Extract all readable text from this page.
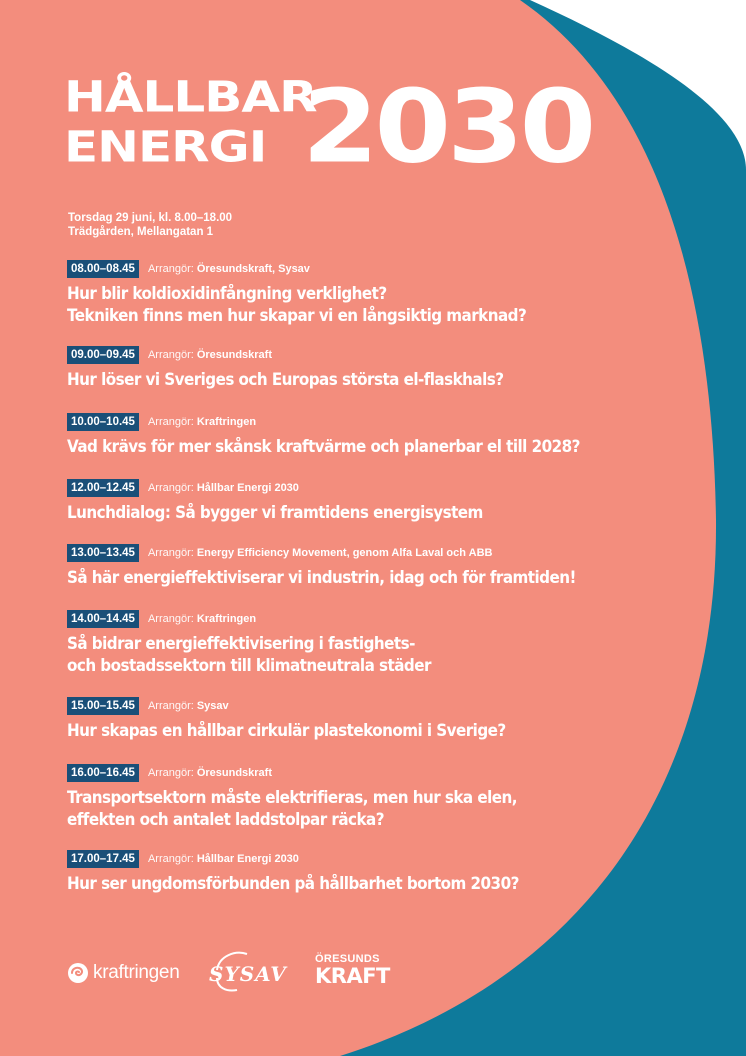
HÅLLBAR
ENERGI 2030
Torsdag 29 juni, kl. 8.00–18.00
Trädgården, Mellangatan 1
08.00–08.45	Arrangör: Öresundskraft, Sysav
Hur blir koldioxidinfångning verklighet?
Tekniken finns men hur skapar vi en långsiktig marknad?
09.00–09.45	Arrangör: Öresundskraft
Hur löser vi Sveriges och Europas största el-flaskhals?
10.00–10.45	Arrangör: Kraftringen
Vad krävs för mer skånsk kraftvärme och planerbar el till 2028?
12.00–12.45	Arrangör: Hållbar Energi 2030
Lunchdialog: Så bygger vi framtidens energisystem
13.00–13.45	Arrangör: Energy Efficiency Movement, genom Alfa Laval och ABB
Så här energieffektiviserar vi industrin, idag och för framtiden!
14.00–14.45	Arrangör: Kraftringen
Så bidrar energieffektivisering i fastighets-
och bostadssektorn till klimatneutrala städer
15.00–15.45	Arrangör: Sysav
Hur skapas en hållbar cirkulär plastekonomi i Sverige?
16.00–16.45	Arrangör: Öresundskraft
Transportsektorn måste elektrifieras, men hur ska elen,
effekten och antalet laddstolpar räcka?
17.00–17.45	Arrangör: Hållbar Energi 2030
Hur ser ungdomsförbunden på hållbarhet bortom 2030?
kraftringen SYSAV
ÖRESUNDS
KRAFT
